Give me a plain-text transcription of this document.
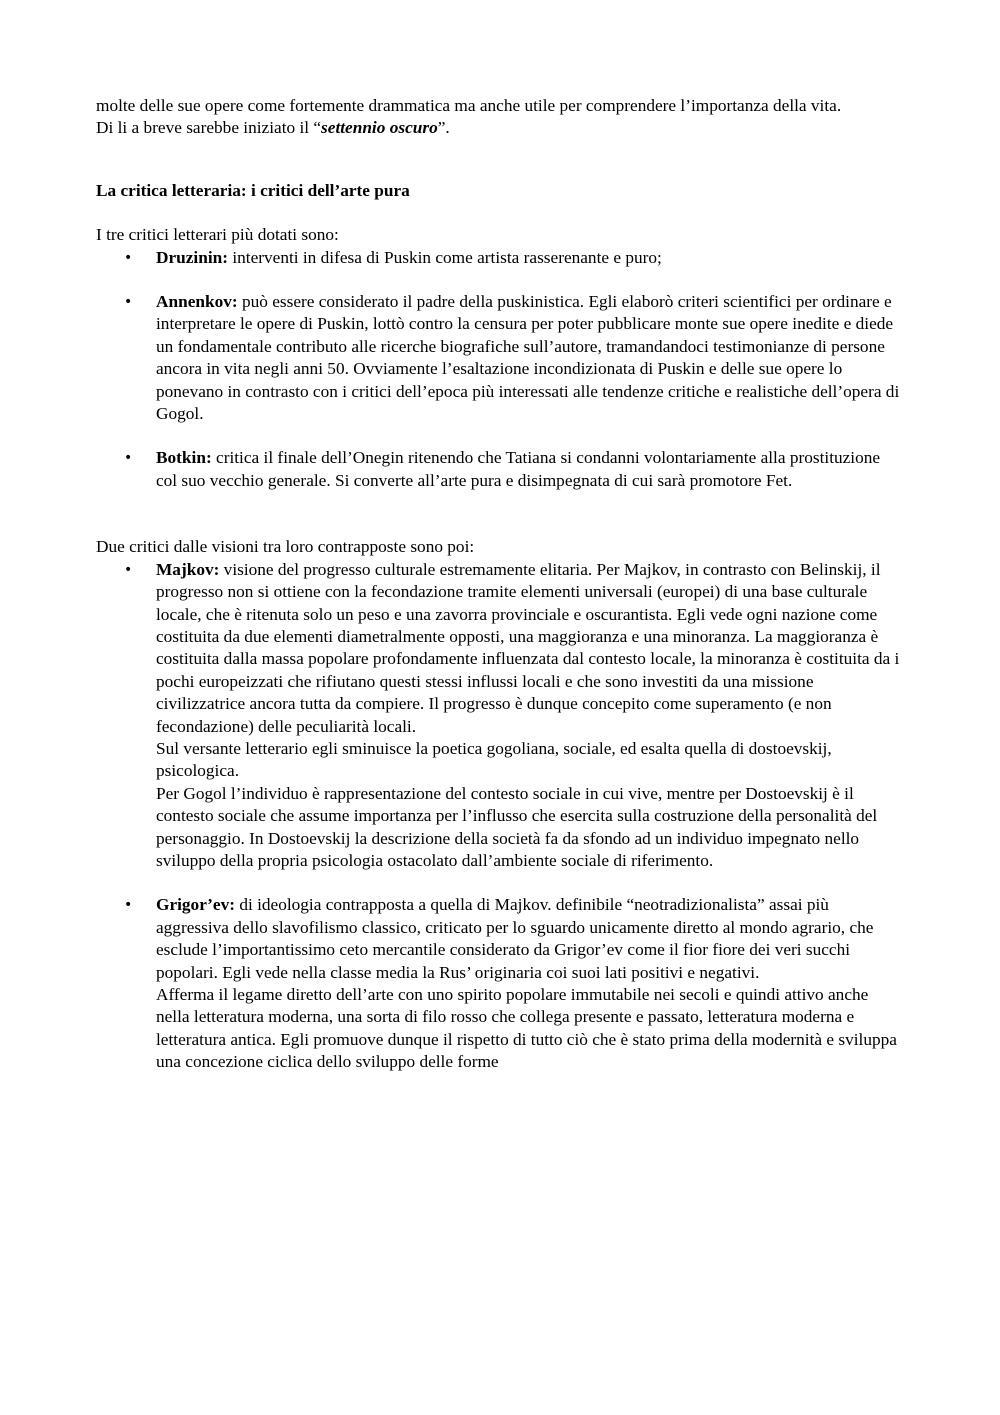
molte delle sue opere come fortemente drammatica ma anche utile per comprendere l’importanza della vita.
Di li a breve sarebbe iniziato il “settennio oscuro”.

La critica letteraria: i critici dell’arte pura

I tre critici letterari più dotati sono:

• Druzinin: interventi in difesa di Puskin come artista rasserenante e puro;
• Annenkov: può essere considerato il padre della puskinistica. Egli elaborò criteri scientifici per ordinare e interpretare le opere di Puskin, lottò contro la censura per poter pubblicare monte sue opere inedite e diede un fondamentale contributo alle ricerche biografiche sull’autore, tramandandoci testimonianze di persone ancora in vita negli anni 50. Ovviamente l’esaltazione incondizionata di Puskin e delle sue opere lo ponevano in contrasto con i critici dell’epoca più interessati alle tendenze critiche e realistiche dell’opera di Gogol.
• Botkin: critica il finale dell’Onegin ritenendo che Tatiana si condanni volontariamente alla prostituzione col suo vecchio generale. Si converte all’arte pura e disimpegnata di cui sarà promotore Fet.

Due critici dalle visioni tra loro contrapposte sono poi:

• Majkov: visione del progresso culturale estremamente elitaria. Per Majkov, in contrasto con Belinskij, il progresso non si ottiene con la fecondazione tramite elementi universali (europei) di una base culturale locale, che è ritenuta solo un peso e una zavorra provinciale e oscurantista. Egli vede ogni nazione come costituita da due elementi diametralmente opposti, una maggioranza e una minoranza. La maggioranza è costituita dalla massa popolare profondamente influenzata dal contesto locale, la minoranza è costituita da i pochi europeizzati che rifiutano questi stessi influssi locali e che sono investiti da una missione civilizzatrice ancora tutta da compiere. Il progresso è dunque concepito come superamento (e non fecondazione) delle peculiarità locali.
Sul versante letterario egli sminuisce la poetica gogoliana, sociale, ed esalta quella di dostoevskij, psicologica.
Per Gogol l’individuo è rappresentazione del contesto sociale in cui vive, mentre per Dostoevskij è il contesto sociale che assume importanza per l’influsso che esercita sulla costruzione della personalità del personaggio. In Dostoevskij la descrizione della società fa da sfondo ad un individuo impegnato nello sviluppo della propria psicologia ostacolato dall’ambiente sociale di riferimento.
• Grigor’ev: di ideologia contrapposta a quella di Majkov. definibile “neotradizionalista” assai più aggressiva dello slavofilismo classico, criticato per lo sguardo unicamente diretto al mondo agrario, che esclude l’importantissimo ceto mercantile considerato da Grigor’ev come il fior fiore dei veri succhi popolari. Egli vede nella classe media la Rus’ originaria coi suoi lati positivi e negativi.
Afferma il legame diretto dell’arte con uno spirito popolare immutabile nei secoli e quindi attivo anche nella letteratura moderna, una sorta di filo rosso che collega presente e passato, letteratura moderna e letteratura antica. Egli promuove dunque il rispetto di tutto ciò che è stato prima della modernità e sviluppa una concezione ciclica dello sviluppo delle forme
